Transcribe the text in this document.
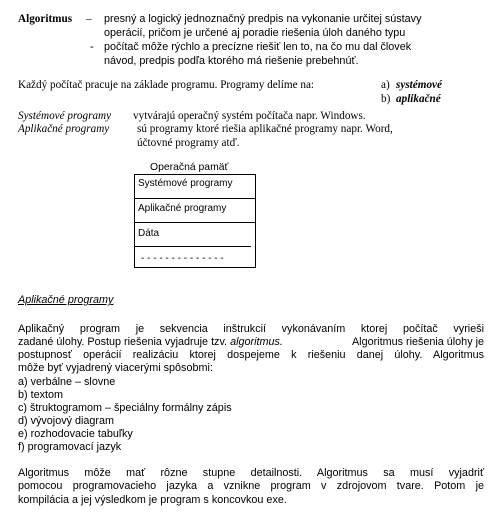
Algoritmus – presný a logický jednoznačný predpis na vykonanie určitej sústavy
operácií, pričom je určené aj poradie riešenia úloh daného typu
- počítač môže rýchlo a precízne riešiť len to, na čo mu dal človek
návod, predpis podľa ktorého má riešenie prebehnúť.
Každý počítač pracuje na základe programu. Programy delíme na:	a) systémové
b) aplikačné
Systémové programy vytvárajú operačný systém počítača napr. Windows.
Aplikačné programy sú programy ktoré riešia aplikačné programy napr. Word,
účtovné programy atď.
Operačná pamäť
Systémové programy
Aplikačné programy
Dáta
- - - - - - - - - - - - - -
Aplikačné programy
Aplikačný program je sekvencia inštrukcií vykonávaním ktorej počítač vyrieši
zadané úlohy. Postup riešenia vyjadruje tzv. algoritmus.	Algoritmus riešenia úlohy je
postupnosť operácií realizáciu ktorej dospejeme k riešeniu danej úlohy. Algoritmus
môže byť vyjadrený viacerými spôsobmi:
a) verbálne – slovne
b) textom
c) štruktogramom – špeciálny formálny zápis
d) vývojový diagram
e) rozhodovacie tabuľky
f) programovací jazyk
Algoritmus môže mať rôzne stupne detailnosti. Algoritmus sa musí vyjadriť
pomocou programovacieho jazyka a vznikne program v zdrojovom tvare. Potom je
kompilácia a jej výsledkom je program s koncovkou exe.
